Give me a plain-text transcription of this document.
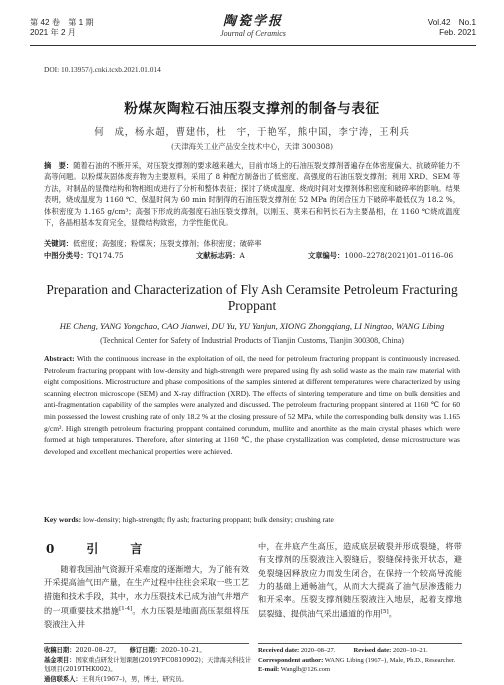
第 42 卷　第 1 期
2021 年 2 月
陶瓷学报
Journal of Ceramics
Vol.42　No.1
Feb. 2021
DOI: 10.13957/j.cnki.tcxb.2021.01.014
粉煤灰陶粒石油压裂支撑剂的制备与表征
何　成，杨永超，曹建伟，杜　宇，于艳军，熊中国，李宁涛，王利兵
(天津海关工业产品安全技术中心，天津 300308)
摘　要：随着石油的不断开采，对压裂支撑剂的要求越来越大，目前市场上的石油压裂支撑剂普遍存在体密度偏大、抗破碎能力不高等问题。以粉煤灰固体废弃物为主要原料，采用了 8 种配方制备出了低密度、高强度的石油压裂支撑剂；利用 XRD、SEM 等方法，对制品的显微结构和物相组成进行了分析和整体表征；探讨了烧成温度、烧成时间对支撑剂体积密度和破碎率的影响。结果表明，烧成温度为 1160 ℃、保温时间为 60 min 时制得的石油压裂支撑剂在 52 MPa 的闭合压力下破碎率最低仅为 18.2 %，体积密度为 1.165 g/cm³；高强下形成的高强度石油压裂支撑剂，以刚玉、莫来石和钙长石为主要晶相，在 1160 ℃烧成温度下，各晶相基本发育完全，显微结构致密，力学性能优良。
关键词：低密度；高强度；粉煤灰；压裂支撑剂；体积密度；破碎率
中图分类号：TQ174.75	文献标志码：A	文章编号：1000–2278(2021)01–0116–06
Preparation and Characterization of Fly Ash Ceramsite Petroleum Fracturing Proppant
HE Cheng, YANG Yongchao, CAO Jianwei, DU Yu, YU Yanjun, XIONG Zhongqiang, LI Ningtao, WANG Libing
(Technical Center for Safety of Industrial Products of Tianjin Customs, Tianjin 300308, China)
Abstract: With the continuous increase in the exploitation of oil, the need for petroleum fracturing proppant is continuously increased. Petroleum fracturing proppant with low-density and high-strength were prepared using fly ash solid waste as the main raw material with eight compositions. Microstructure and phase compositions of the samples sintered at different temperatures were characterized by using scanning electron microscope (SEM) and X-ray diffraction (XRD). The effects of sintering temperature and time on bulk densities and anti-fragmentation capability of the samples were analyzed and discussed. The petroleum fracturing proppant sintered at 1160 ℃ for 60 min possessed the lowest crushing rate of only 18.2 % at the closing pressure of 52 MPa, while the corresponding bulk density was 1.165 g/cm³. High strength petroleum fracturing proppant contained corundum, mullite and anorthite as the main crystal phases which were formed at high temperatures. Therefore, after sintering at 1160 ℃, the phase crystallization was completed, dense microstructure was developed and excellent mechanical properties were achieved.
Key words: low-density; high-strength; fly ash; fracturing proppant; bulk density; crushing rate
0　引　言
随着我国油气资源开采难度的逐渐增大，为了能有效开采提高油气田产量，在生产过程中往往会采取一些工艺措施和技术手段，其中，水力压裂技术已成为油气井增产的一项重要技术措施[1-4]。水力压裂是地面高压泵组将压裂液注入井
中，在井底产生高压，造成底层破裂并形成裂缝，将带有支撑剂的压裂液注入裂缝后，裂缝保持张开状态，避免裂缝因释放应力而发生闭合，在保持一个较高导流能力的基础上通畅油气，从而大大提高了油气层渗透能力和开采率。压裂支撑剂随压裂液注入地层，起着支撑地层裂缝、提供油气采出通道的作用[5]。
收稿日期：2020–08–27。　　 修订日期：2020–10–21。
基金项目：国家重点研发计划课题(2019YFC0810902)；天津海关科技计划项目(2019THK002)。
通信联系人：王利兵(1967–)，男，博士，研究员。
Received date: 2020–08–27.	Revised date: 2020–10–21.
Correspondent author: WANG Libing (1967–), Male, Ph.D., Researcher.
E-mail: Wanglb@126.com
